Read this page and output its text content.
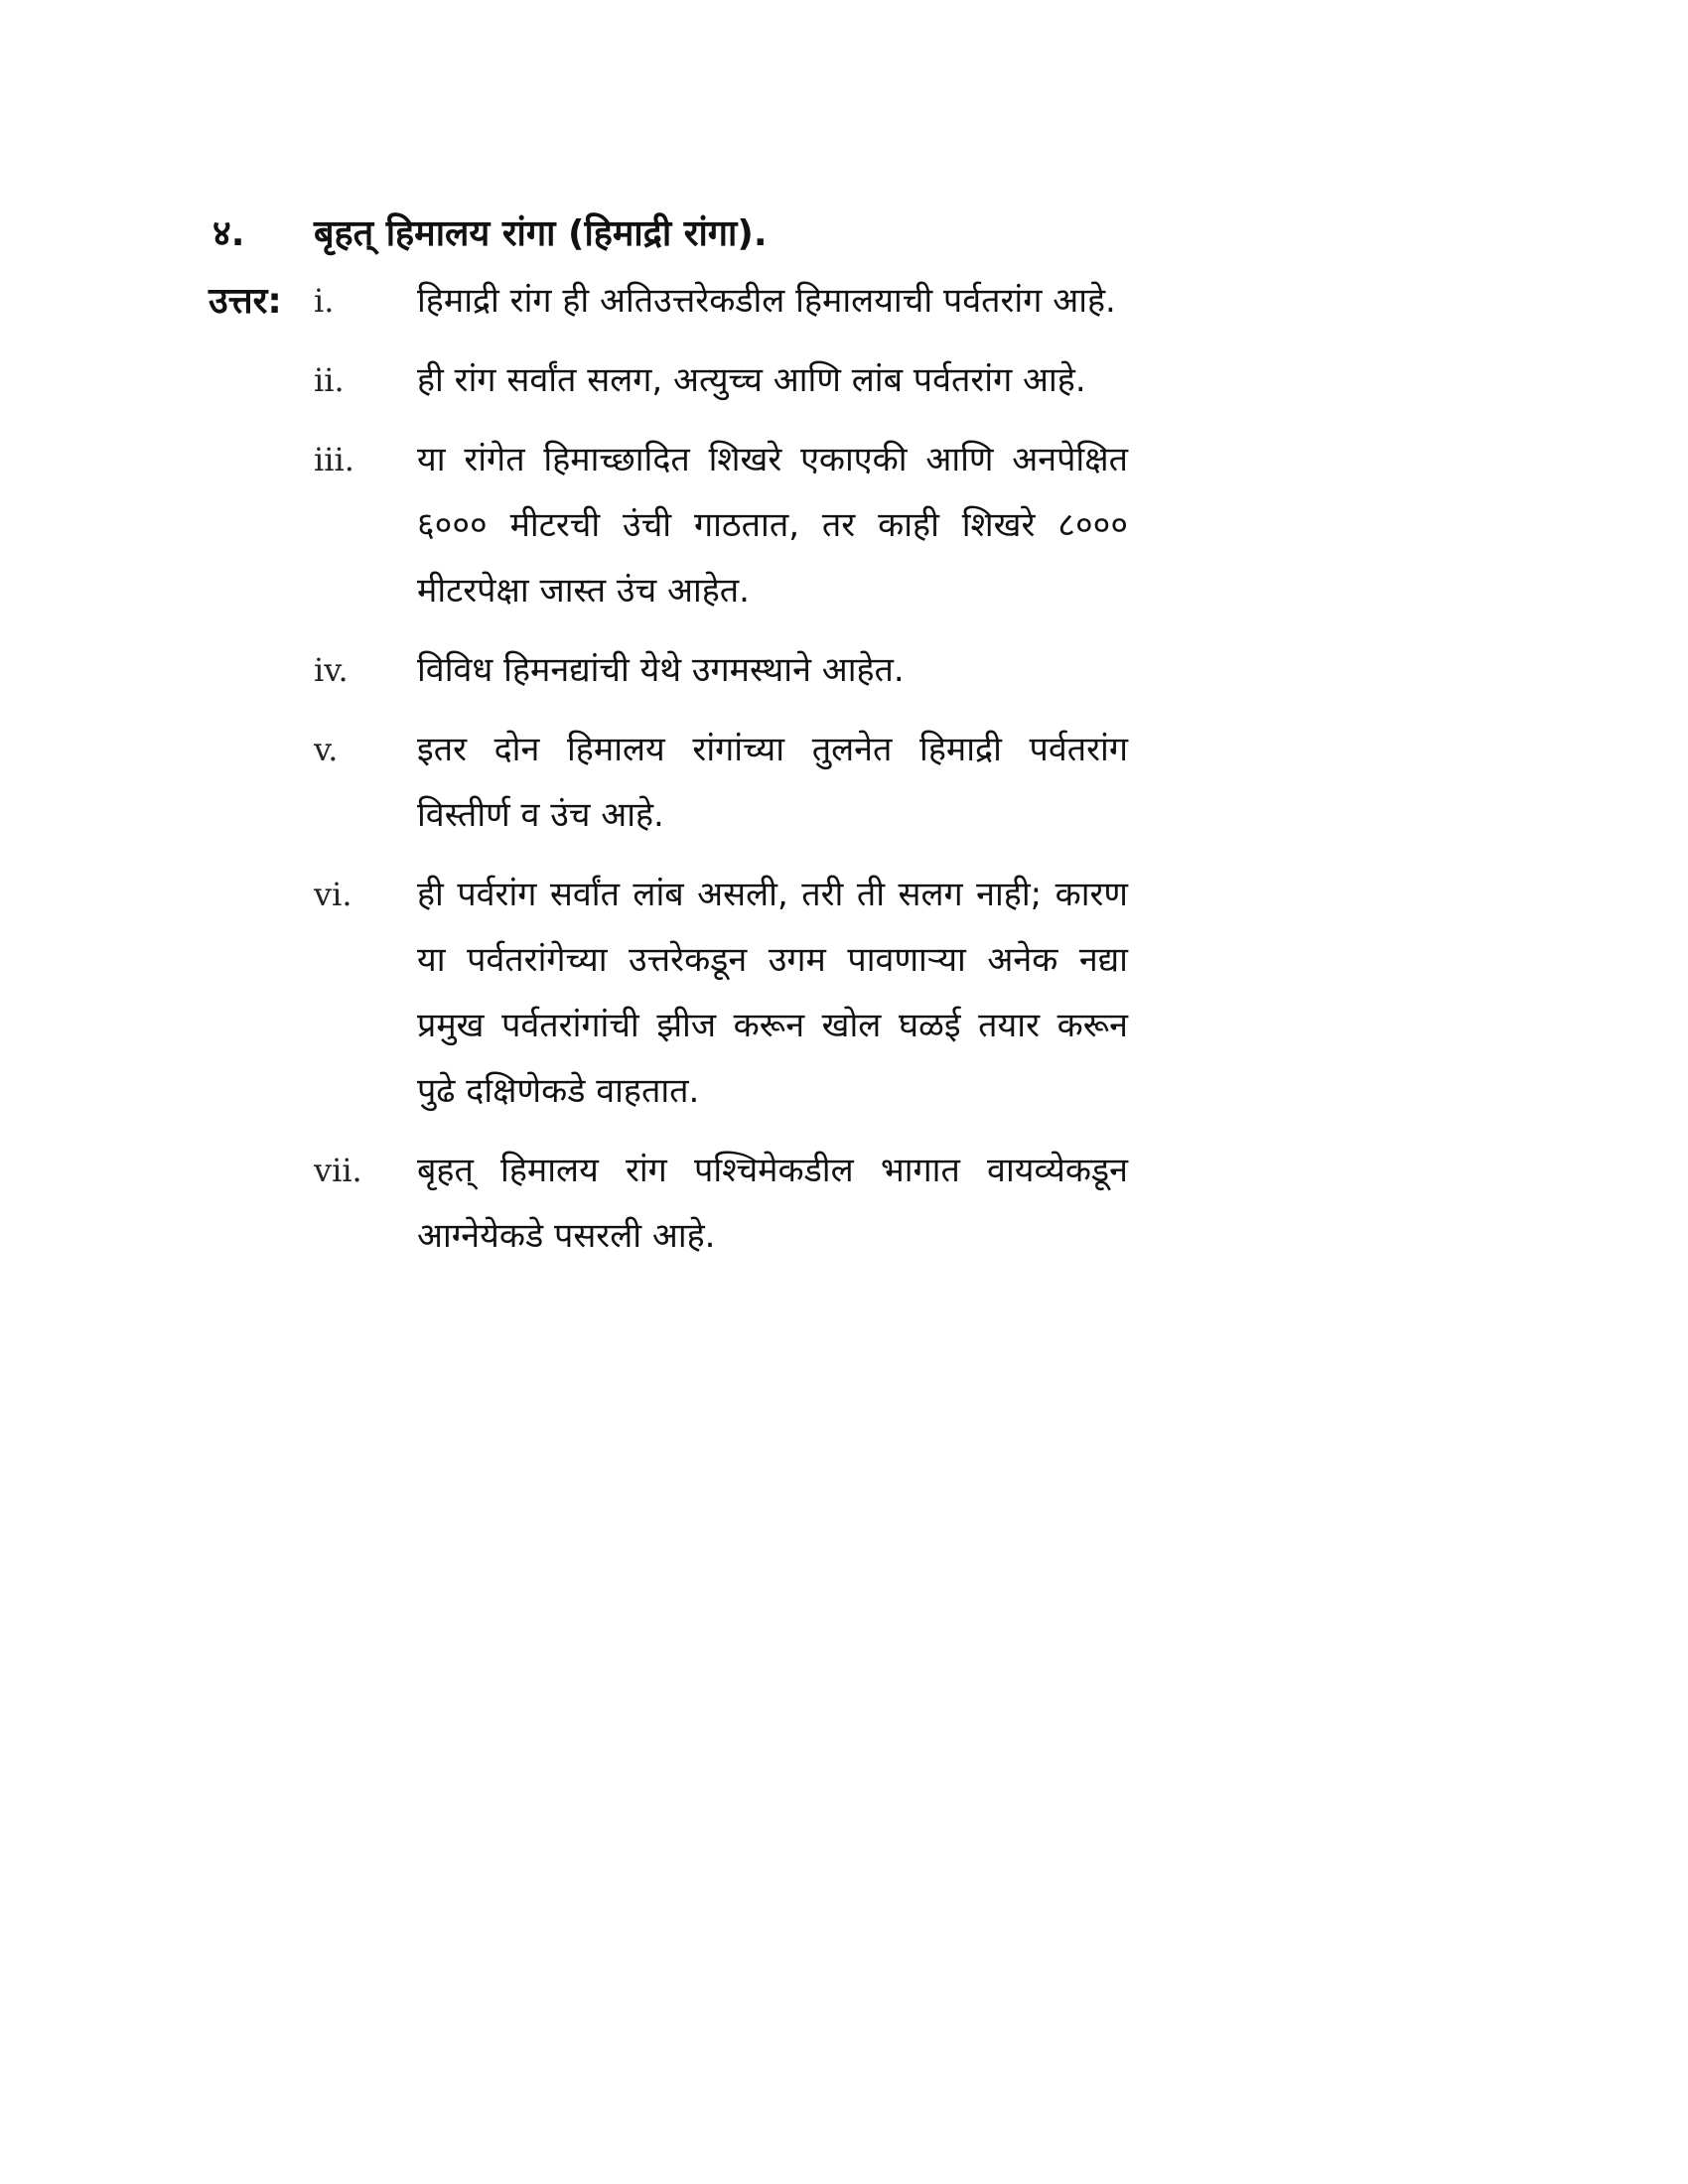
४. बृहत् हिमालय रांगा (हिमाद्री रांगा).
उत्तर: i.	हिमाद्री रांग ही अतिउत्तरेकडील हिमालयाची पर्वतरांग आहे.
ii.	ही रांग सर्वांत सलग, अत्युच्च आणि लांब पर्वतरांग आहे.
iii.	या रांगेत हिमाच्छादित शिखरे एकाएकी आणि अनपेक्षित ६००० मीटरची उंची गाठतात, तर काही शिखरे ८००० मीटरपेक्षा जास्त उंच आहेत.
iv.	विविध हिमनद्यांची येथे उगमस्थाने आहेत.
v.	इतर दोन हिमालय रांगांच्या तुलनेत हिमाद्री पर्वतरांग विस्तीर्ण व उंच आहे.
vi.	ही पर्वरांग सर्वांत लांब असली, तरी ती सलग नाही; कारण या पर्वतरांगेच्या उत्तरेकडून उगम पावणाऱ्या अनेक नद्या प्रमुख पर्वतरांगांची झीज करून खोल घळई तयार करून पुढे दक्षिणेकडे वाहतात.
vii.	बृहत् हिमालय रांग पश्चिमेकडील भागात वायव्येकडून आग्नेयेकडे पसरली आहे.
